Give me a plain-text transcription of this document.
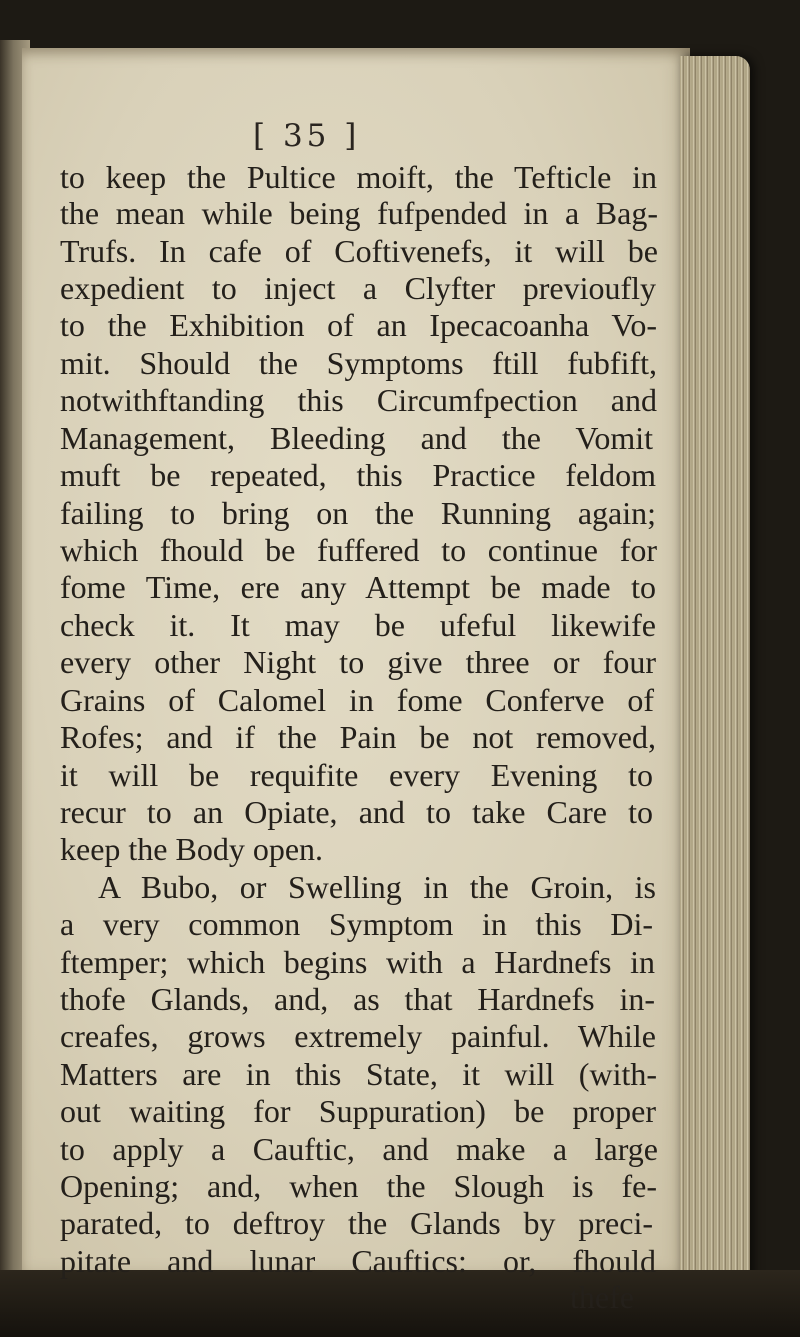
[ 35 ]
to keep the Pultice moift, the Tefticle in
the mean while being fufpended in a Bag-
Trufs. In cafe of Coftivenefs, it will be
expedient to inject a Clyfter previoufly
to the Exhibition of an Ipecacoanha Vo-
mit. Should the Symptoms ftill fubfift,
notwithftanding this Circumfpection and
Management, Bleeding and the Vomit
muft be repeated, this Practice feldom
failing to bring on the Running again;
which fhould be fuffered to continue for
fome Time, ere any Attempt be made to
check it. It may be ufeful likewife
every other Night to give three or four
Grains of Calomel in fome Conferve of
Rofes; and if the Pain be not removed,
it will be requifite every Evening to
recur to an Opiate, and to take Care to
keep the Body open.
A Bubo, or Swelling in the Groin, is
a very common Symptom in this Di-
ftemper; which begins with a Hardnefs in
thofe Glands, and, as that Hardnefs in-
creafes, grows extremely painful. While
Matters are in this State, it will (with-
out waiting for Suppuration) be proper
to apply a Cauftic, and make a large
Opening; and, when the Slough is fe-
parated, to deftroy the Glands by preci-
pitate and lunar Cauftics: or, fhould
thefe
